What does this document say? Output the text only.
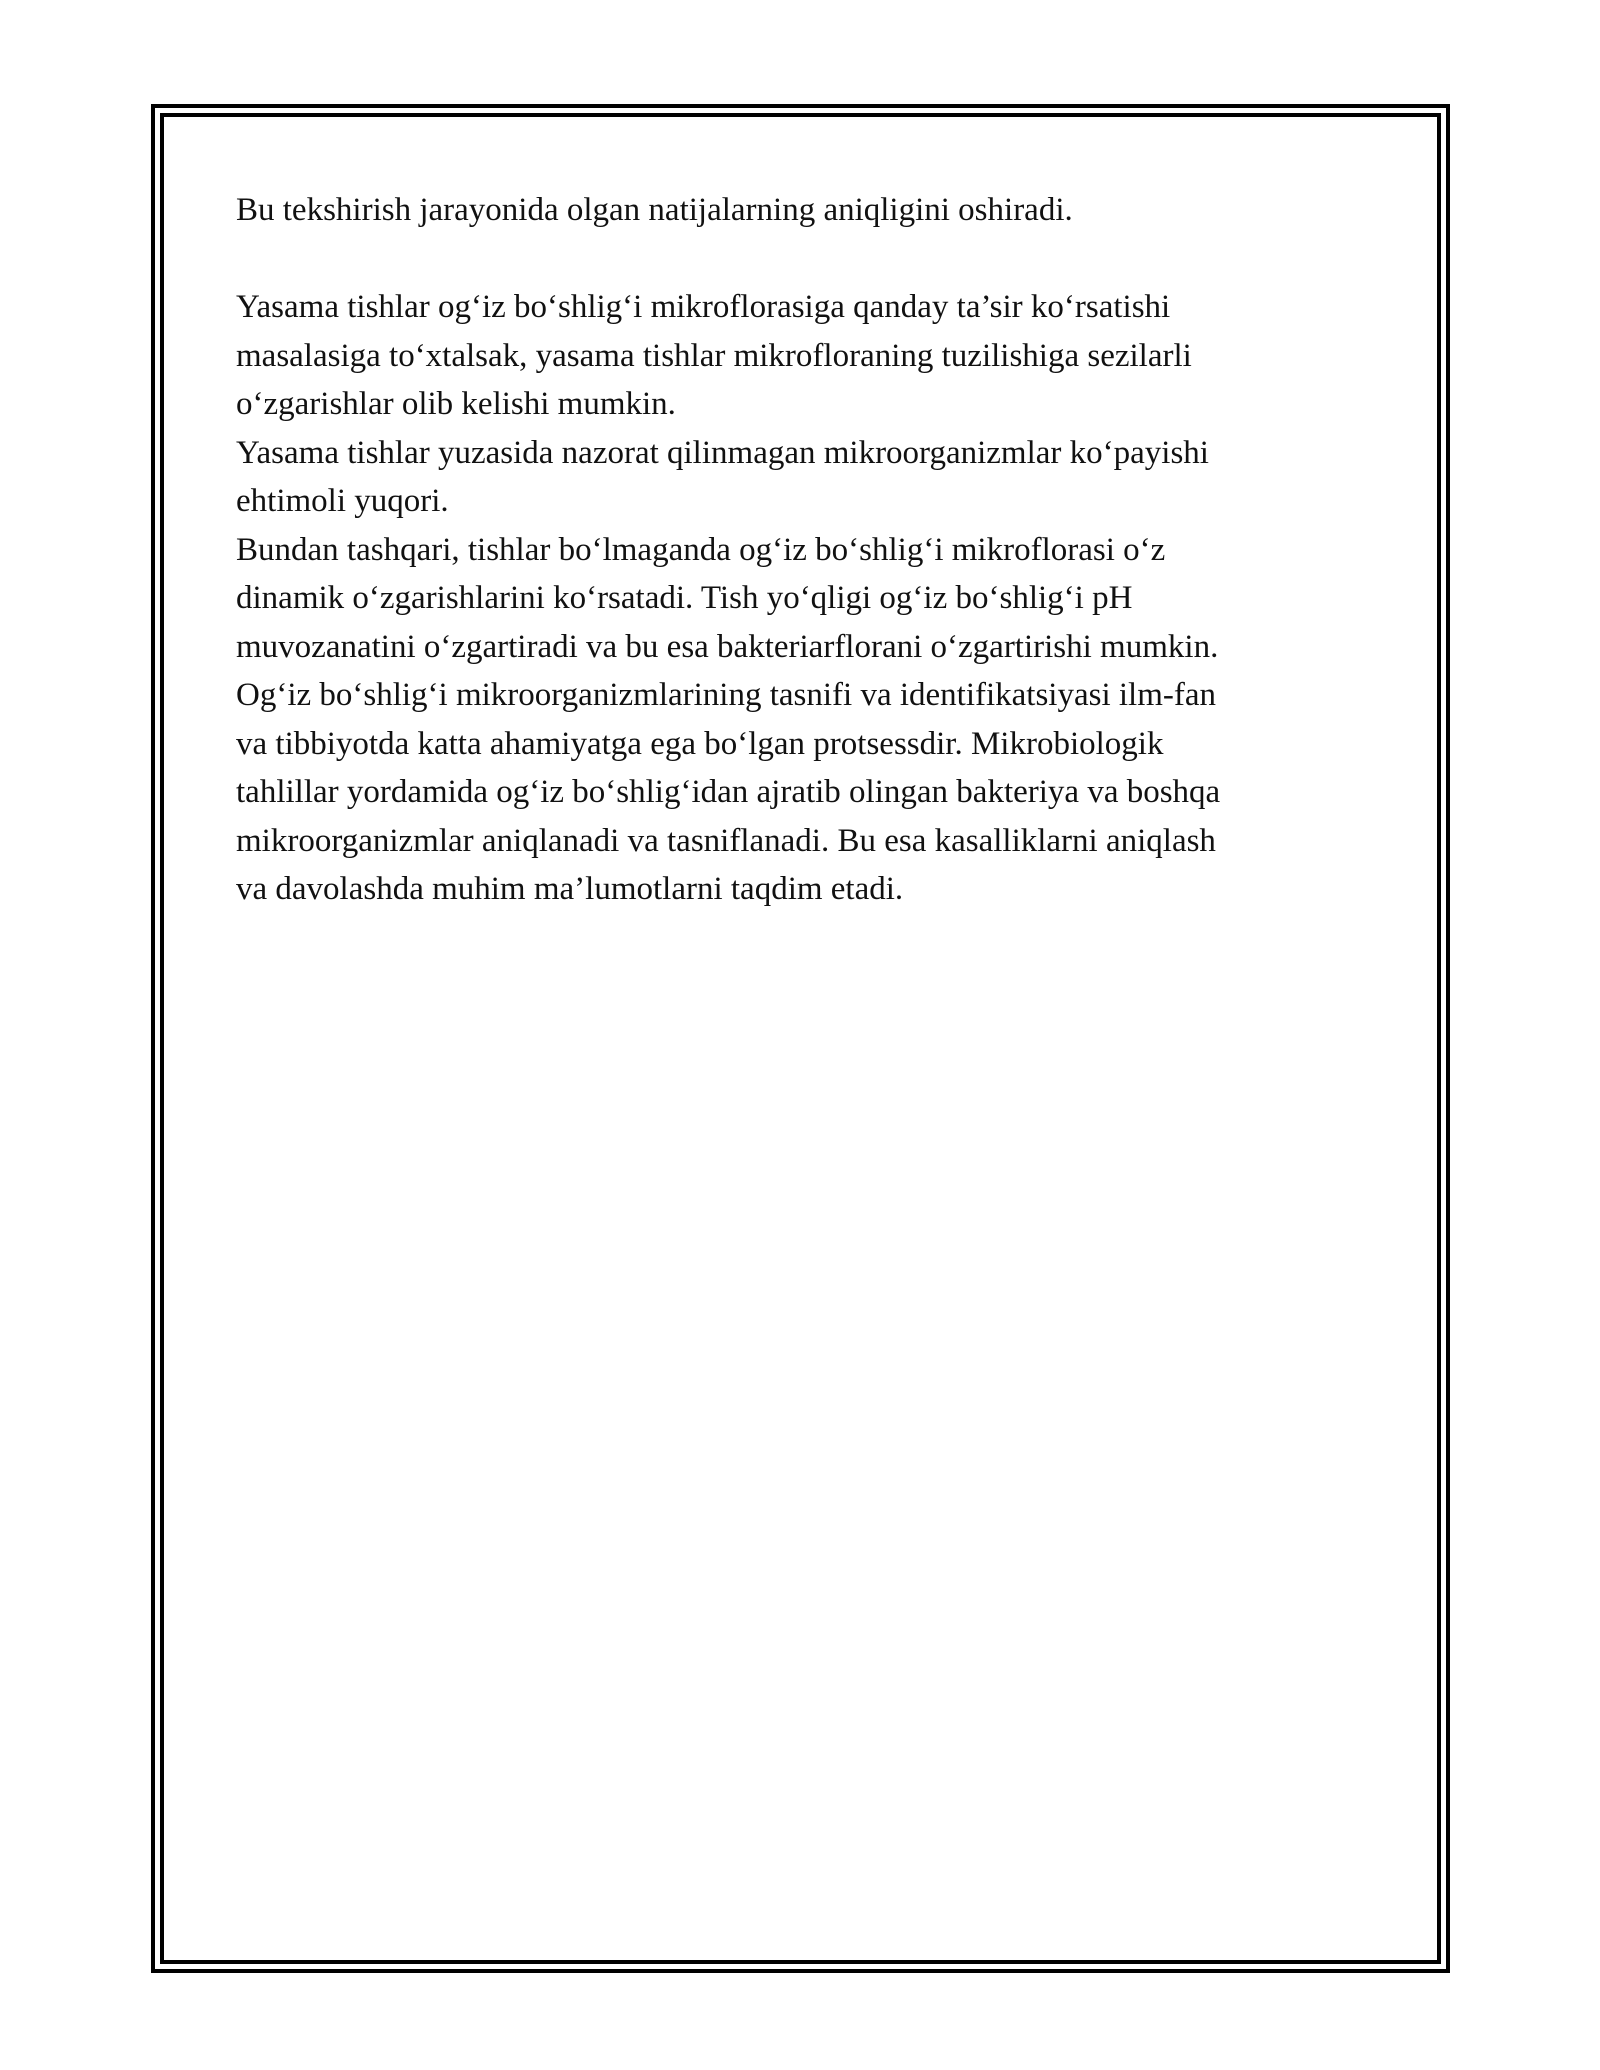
Bu tekshirish jarayonida olgan natijalarning aniqligini oshiradi.
Yasama tishlar og‘iz bo‘shlig‘i mikroflorasiga qanday ta’sir ko‘rsatishi
masalasiga to‘xtalsak, yasama tishlar mikrofloraning tuzilishiga sezilarli
o‘zgarishlar olib kelishi mumkin.
Yasama tishlar yuzasida nazorat qilinmagan mikroorganizmlar ko‘payishi
ehtimoli yuqori.
Bundan tashqari, tishlar bo‘lmaganda og‘iz bo‘shlig‘i mikroflorasi o‘z
dinamik o‘zgarishlarini ko‘rsatadi. Tish yo‘qligi og‘iz bo‘shlig‘i pH
muvozanatini o‘zgartiradi va bu esa bakteriarflorani o‘zgartirishi mumkin.
Og‘iz bo‘shlig‘i mikroorganizmlarining tasnifi va identifikatsiyasi ilm-fan
va tibbiyotda katta ahamiyatga ega bo‘lgan protsessdir. Mikrobiologik
tahlillar yordamida og‘iz bo‘shlig‘idan ajratib olingan bakteriya va boshqa
mikroorganizmlar aniqlanadi va tasniflanadi. Bu esa kasalliklarni aniqlash
va davolashda muhim ma’lumotlarni taqdim etadi.
